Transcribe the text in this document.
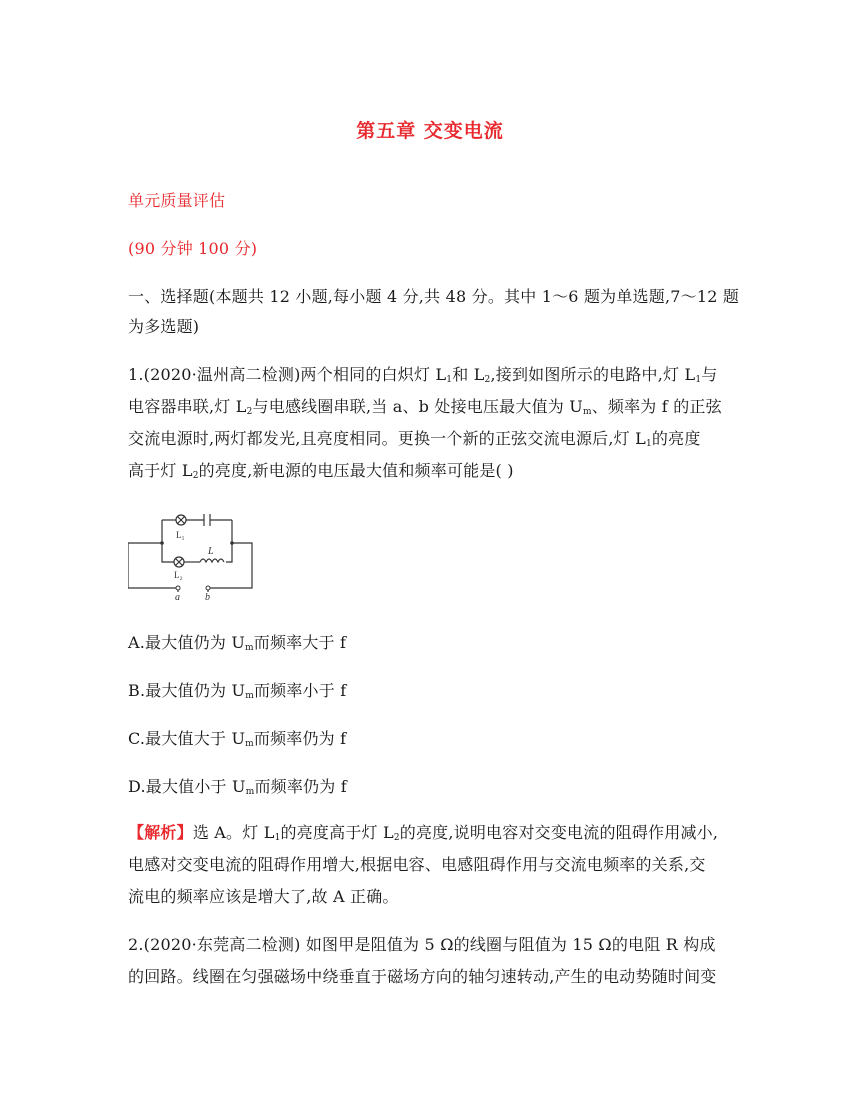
第五章 交变电流
单元质量评估
(90 分钟 100 分)
一、选择题(本题共 12 小题,每小题 4 分,共 48 分。其中 1～6 题为单选题,7～12 题
为多选题)
1.(2020·温州高二检测)两个相同的白炽灯 $L_1$和 $L_2$,接到如图所示的电路中,灯 $L_1$与
电容器串联,灯 $L_2$与电感线圈串联,当 a、b 处接电压最大值为 $U_m$、频率为 f 的正弦
交流电源时,两灯都发光,且亮度相同。更换一个新的正弦交流电源后,灯 $L_1$的亮度
高于灯 $L_2$的亮度,新电源的电压最大值和频率可能是( )
L₁
L
L₂
a	b
A.最大值仍为 $U_m$而频率大于 f
B.最大值仍为 $U_m$而频率小于 f
C.最大值大于 $U_m$而频率仍为 f
D.最大值小于 $U_m$而频率仍为 f
【解析】选 A。灯 $L_1$的亮度高于灯 $L_2$的亮度,说明电容对交变电流的阻碍作用减小,
电感对交变电流的阻碍作用增大,根据电容、电感阻碍作用与交流电频率的关系,交
流电的频率应该是增大了,故 A 正确。
2.(2020·东莞高二检测) 如图甲是阻值为 5 Ω的线圈与阻值为 15 Ω的电阻 R 构成
的回路。线圈在匀强磁场中绕垂直于磁场方向的轴匀速转动,产生的电动势随时间变
